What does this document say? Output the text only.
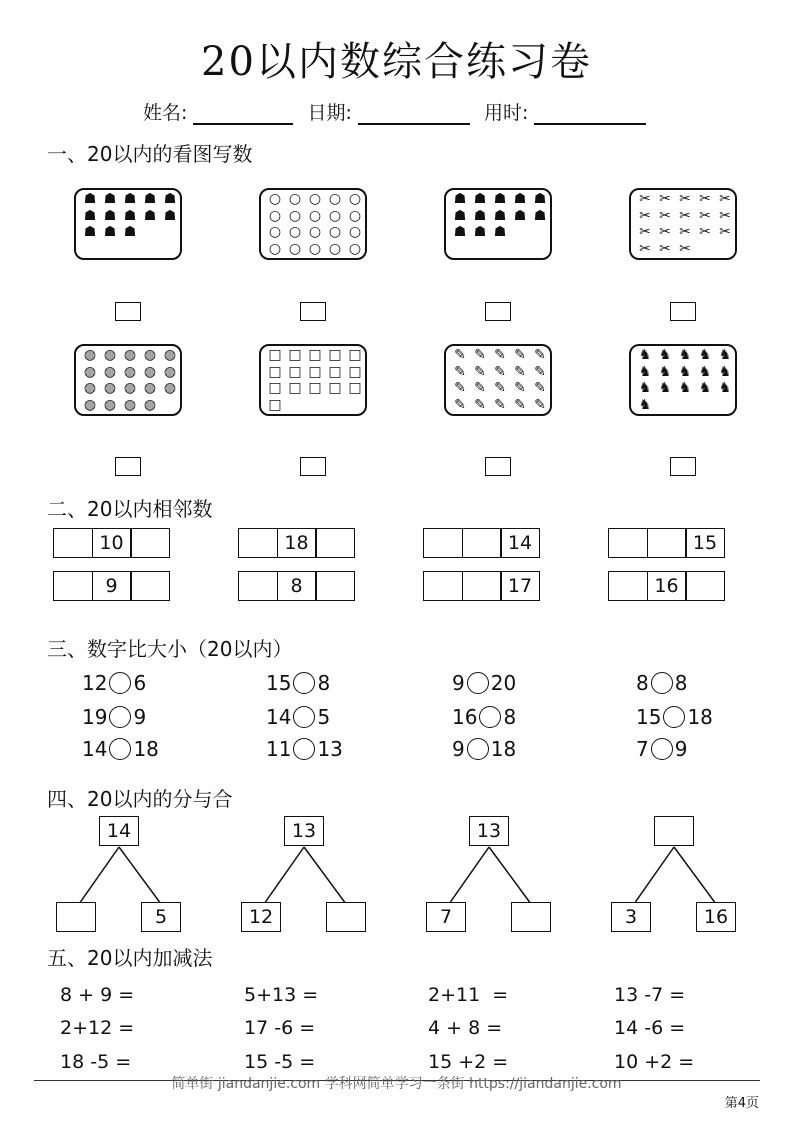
20以内数综合练习卷
姓名:	日期:	用时:
一、20以内的看图写数
☗ ☗ ☗ ☗ ☗
☗ ☗ ☗ ☗ ☗
☗ ☗ ☗
○ ○ ○ ○ ○
○ ○ ○ ○ ○
○ ○ ○ ○ ○
○ ○ ○ ○ ○
☗ ☗ ☗ ☗ ☗
☗ ☗ ☗ ☗ ☗
☗ ☗ ☗
✂ ✂ ✂ ✂ ✂
✂ ✂ ✂ ✂ ✂
✂ ✂ ✂ ✂ ✂
✂ ✂ ✂
◍ ◍ ◍ ◍ ◍
◍ ◍ ◍ ◍ ◍
◍ ◍ ◍ ◍ ◍
◍ ◍ ◍ ◍
□ □ □ □ □
□ □ □ □ □
□ □ □ □ □
□
✎ ✎ ✎ ✎ ✎
✎ ✎ ✎ ✎ ✎
✎ ✎ ✎ ✎ ✎
✎ ✎ ✎ ✎ ✎
♞ ♞ ♞ ♞ ♞
♞ ♞ ♞ ♞ ♞
♞ ♞ ♞ ♞ ♞
♞
二、20以内相邻数
10	18	14	15
9	8	17	16
三、数字比大小（20以内）
12 6	15 8	9 20	8 8
19 9	14 5	16 8	15 18
14 18	11 13	9 18	7 9
四、20以内的分与合
14
5
13
12
13
7	3	16
五、20以内加减法
8 + 9 =	5+13 =	2+11  =	13 -7 =
2+12 =	17 -6 =	4 + 8 =	14 -6 =
18 -5 =	15 -5 =	15 +2 =	10 +2 =
简单街 jiandanjie.com 学科网简单学习一条街 https://jiandanjie.com
第4页
